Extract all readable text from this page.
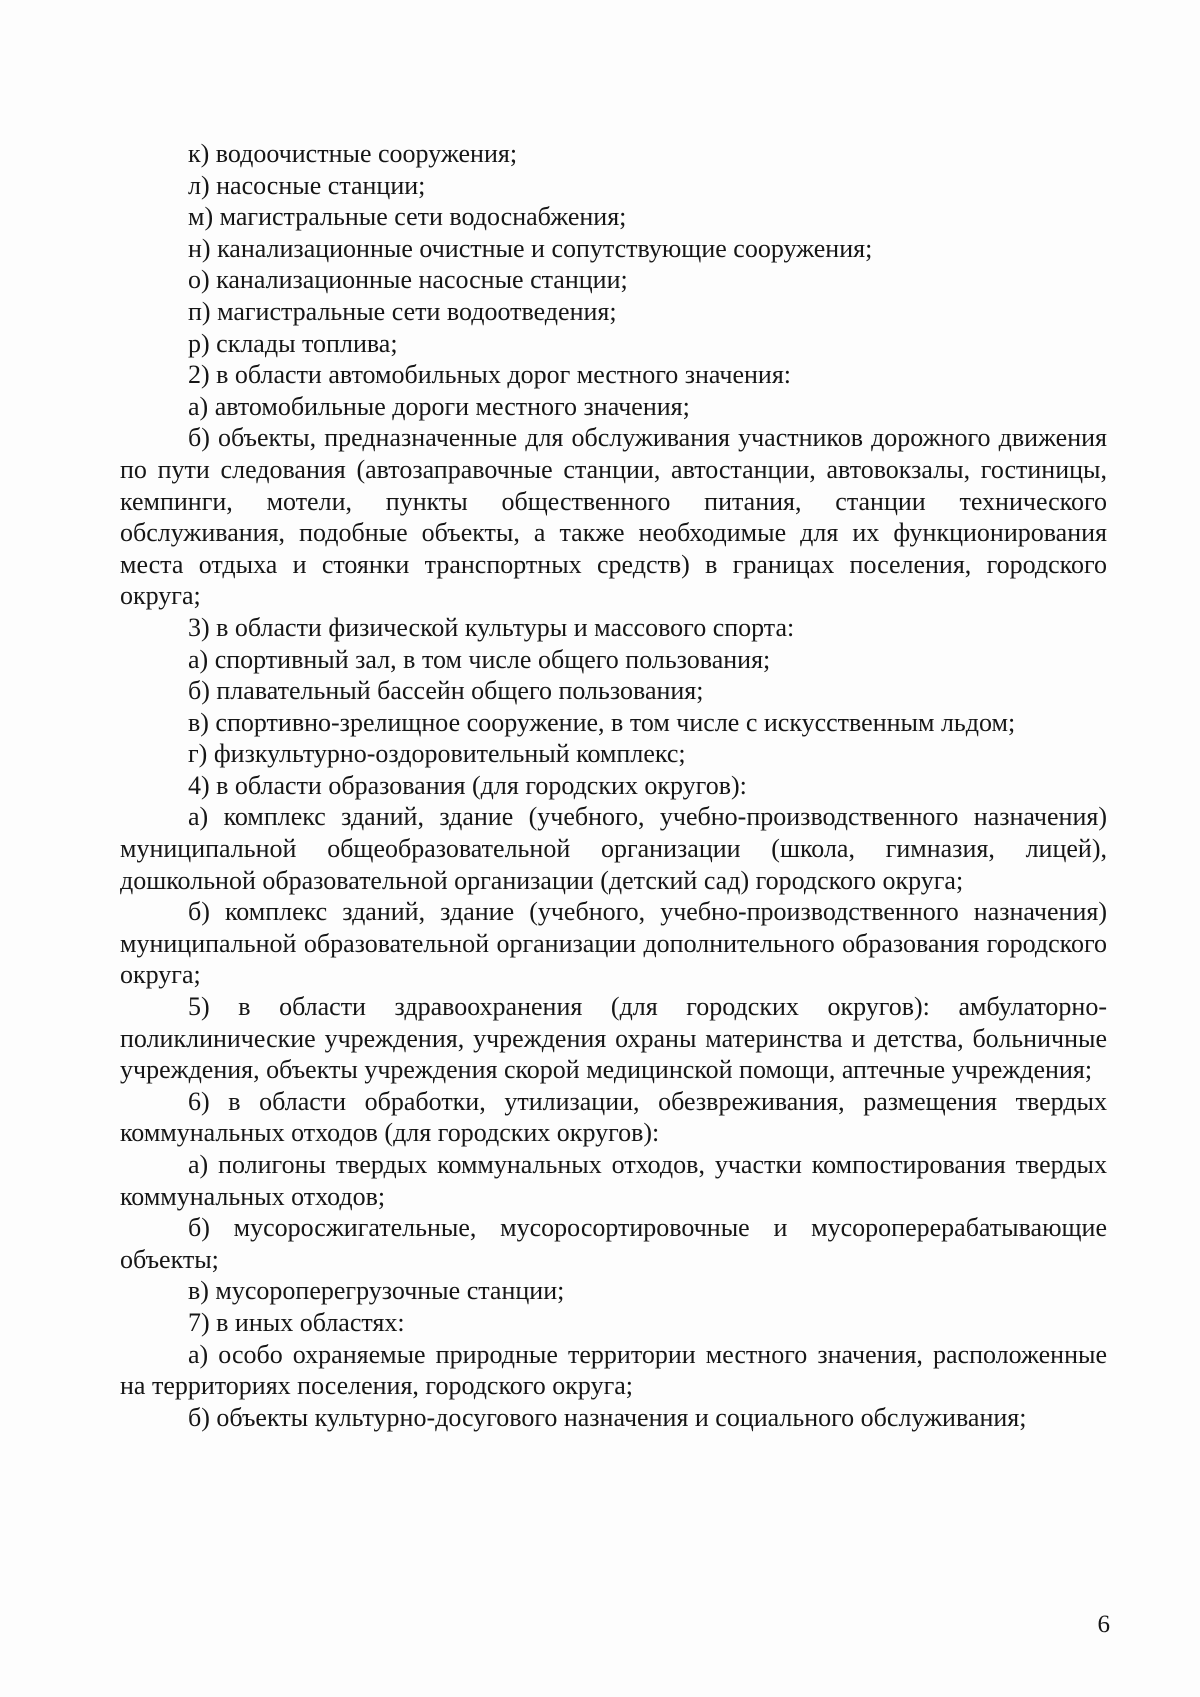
к) водоочистные сооружения;

л) насосные станции;

м) магистральные сети водоснабжения;

н) канализационные очистные и сопутствующие сооружения;

о) канализационные насосные станции;

п) магистральные сети водоотведения;

р) склады топлива;

2) в области автомобильных дорог местного значения:

а) автомобильные дороги местного значения;

б) объекты, предназначенные для обслуживания участников дорожного движения по пути следования (автозаправочные станции, автостанции, автовокзалы, гостиницы, кемпинги, мотели, пункты общественного питания, станции технического обслуживания, подобные объекты, а также необходимые для их функционирования места отдыха и стоянки транспортных средств) в границах поселения, городского округа;

3) в области физической культуры и массового спорта:

а) спортивный зал, в том числе общего пользования;

б) плавательный бассейн общего пользования;

в) спортивно-зрелищное сооружение, в том числе с искусственным льдом;

г) физкультурно-оздоровительный комплекс;

4) в области образования (для городских округов):

а) комплекс зданий, здание (учебного, учебно-производственного назначения) муниципальной общеобразовательной организации (школа, гимназия, лицей), дошкольной образовательной организации (детский сад) городского округа;

б) комплекс зданий, здание (учебного, учебно-производственного назначения) муниципальной образовательной организации дополнительного образования городского округа;

5) в области здравоохранения (для городских округов): амбулаторно-поликлинические учреждения, учреждения охраны материнства и детства, больничные учреждения, объекты учреждения скорой медицинской помощи, аптечные учреждения;

6) в области обработки, утилизации, обезвреживания, размещения твердых коммунальных отходов (для городских округов):

а) полигоны твердых коммунальных отходов, участки компостирования твердых коммунальных отходов;

б) мусоросжигательные, мусоросортировочные и мусороперерабатывающие объекты;

в) мусороперегрузочные станции;

7) в иных областях:

а) особо охраняемые природные территории местного значения, расположенные на территориях поселения, городского округа;

б) объекты культурно-досугового назначения и социального обслуживания;

6
